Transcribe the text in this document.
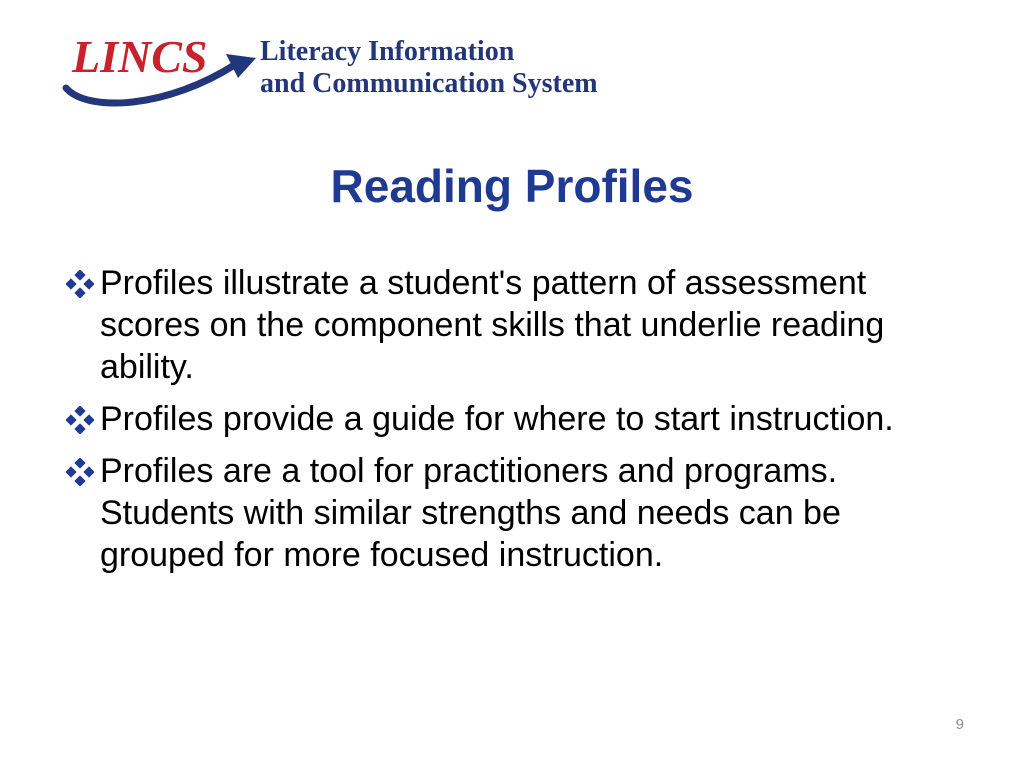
LINCS Literacy Information
and Communication System
Reading Profiles
Profiles illustrate a student's pattern of assessment scores on the component skills that underlie reading ability.
Profiles provide a guide for where to start instruction.
Profiles are a tool for practitioners and programs. Students with similar strengths and needs can be grouped for more focused instruction.
9
